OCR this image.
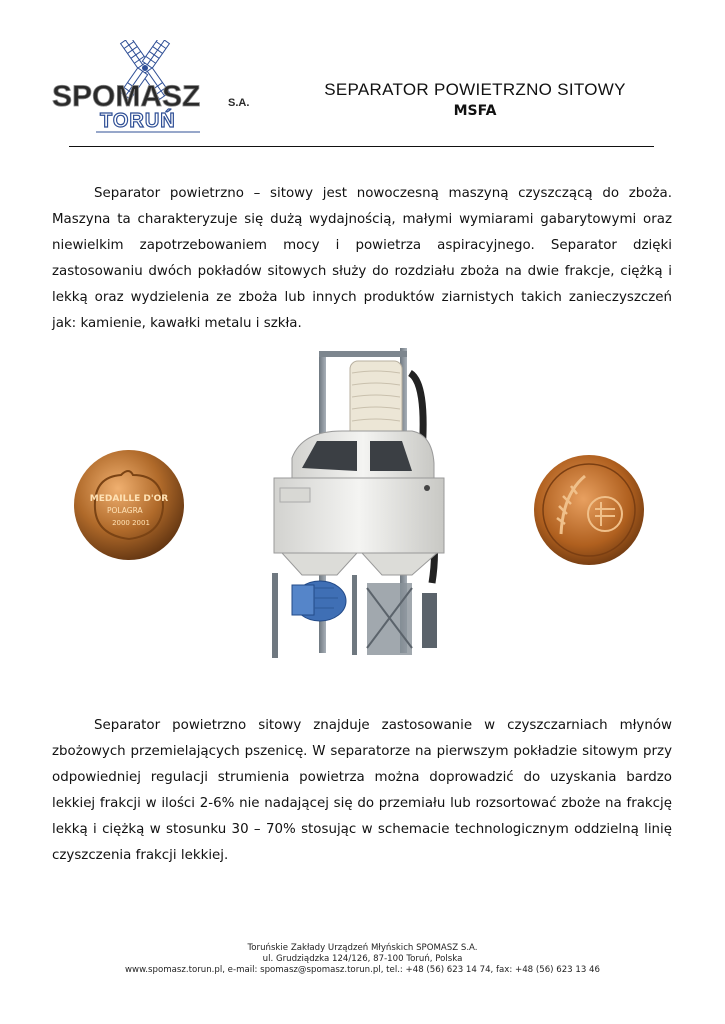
SPOMASZ	S.A.
TORUŃ
SEPARATOR POWIETRZNO SITOWY
MSFA
Separator powietrzno – sitowy jest nowoczesną maszyną czyszczącą do zboża. Maszyna ta charakteryzuje się dużą wydajnością, małymi wymiarami gabarytowymi oraz niewielkim zapotrzebowaniem mocy i powietrza aspiracyjnego. Separator dzięki zastosowaniu dwóch pokładów sitowych służy do rozdziału zboża na dwie frakcje, ciężką i lekką oraz wydzielenia ze zboża lub innych produktów ziarnistych takich zanieczyszczeń jak: kamienie, kawałki metalu i szkła.
MEDAILLE D'OR
POLAGRA
2000 2001
Separator powietrzno sitowy znajduje zastosowanie w czyszczarniach młynów zbożowych przemielających pszenicę. W separatorze na pierwszym pokładzie sitowym przy odpowiedniej regulacji strumienia powietrza można doprowadzić do uzyskania bardzo lekkiej frakcji w ilości 2-6% nie nadającej się do przemiału lub rozsortować zboże na frakcję lekką i ciężką w stosunku 30 – 70% stosując w schemacie technologicznym oddzielną linię czyszczenia frakcji lekkiej.
Toruńskie Zakłady Urządzeń Młyńskich SPOMASZ S.A.
ul. Grudziądzka 124/126, 87-100 Toruń, Polska
www.spomasz.torun.pl, e-mail: spomasz@spomasz.torun.pl, tel.: +48 (56) 623 14 74, fax: +48 (56) 623 13 46
